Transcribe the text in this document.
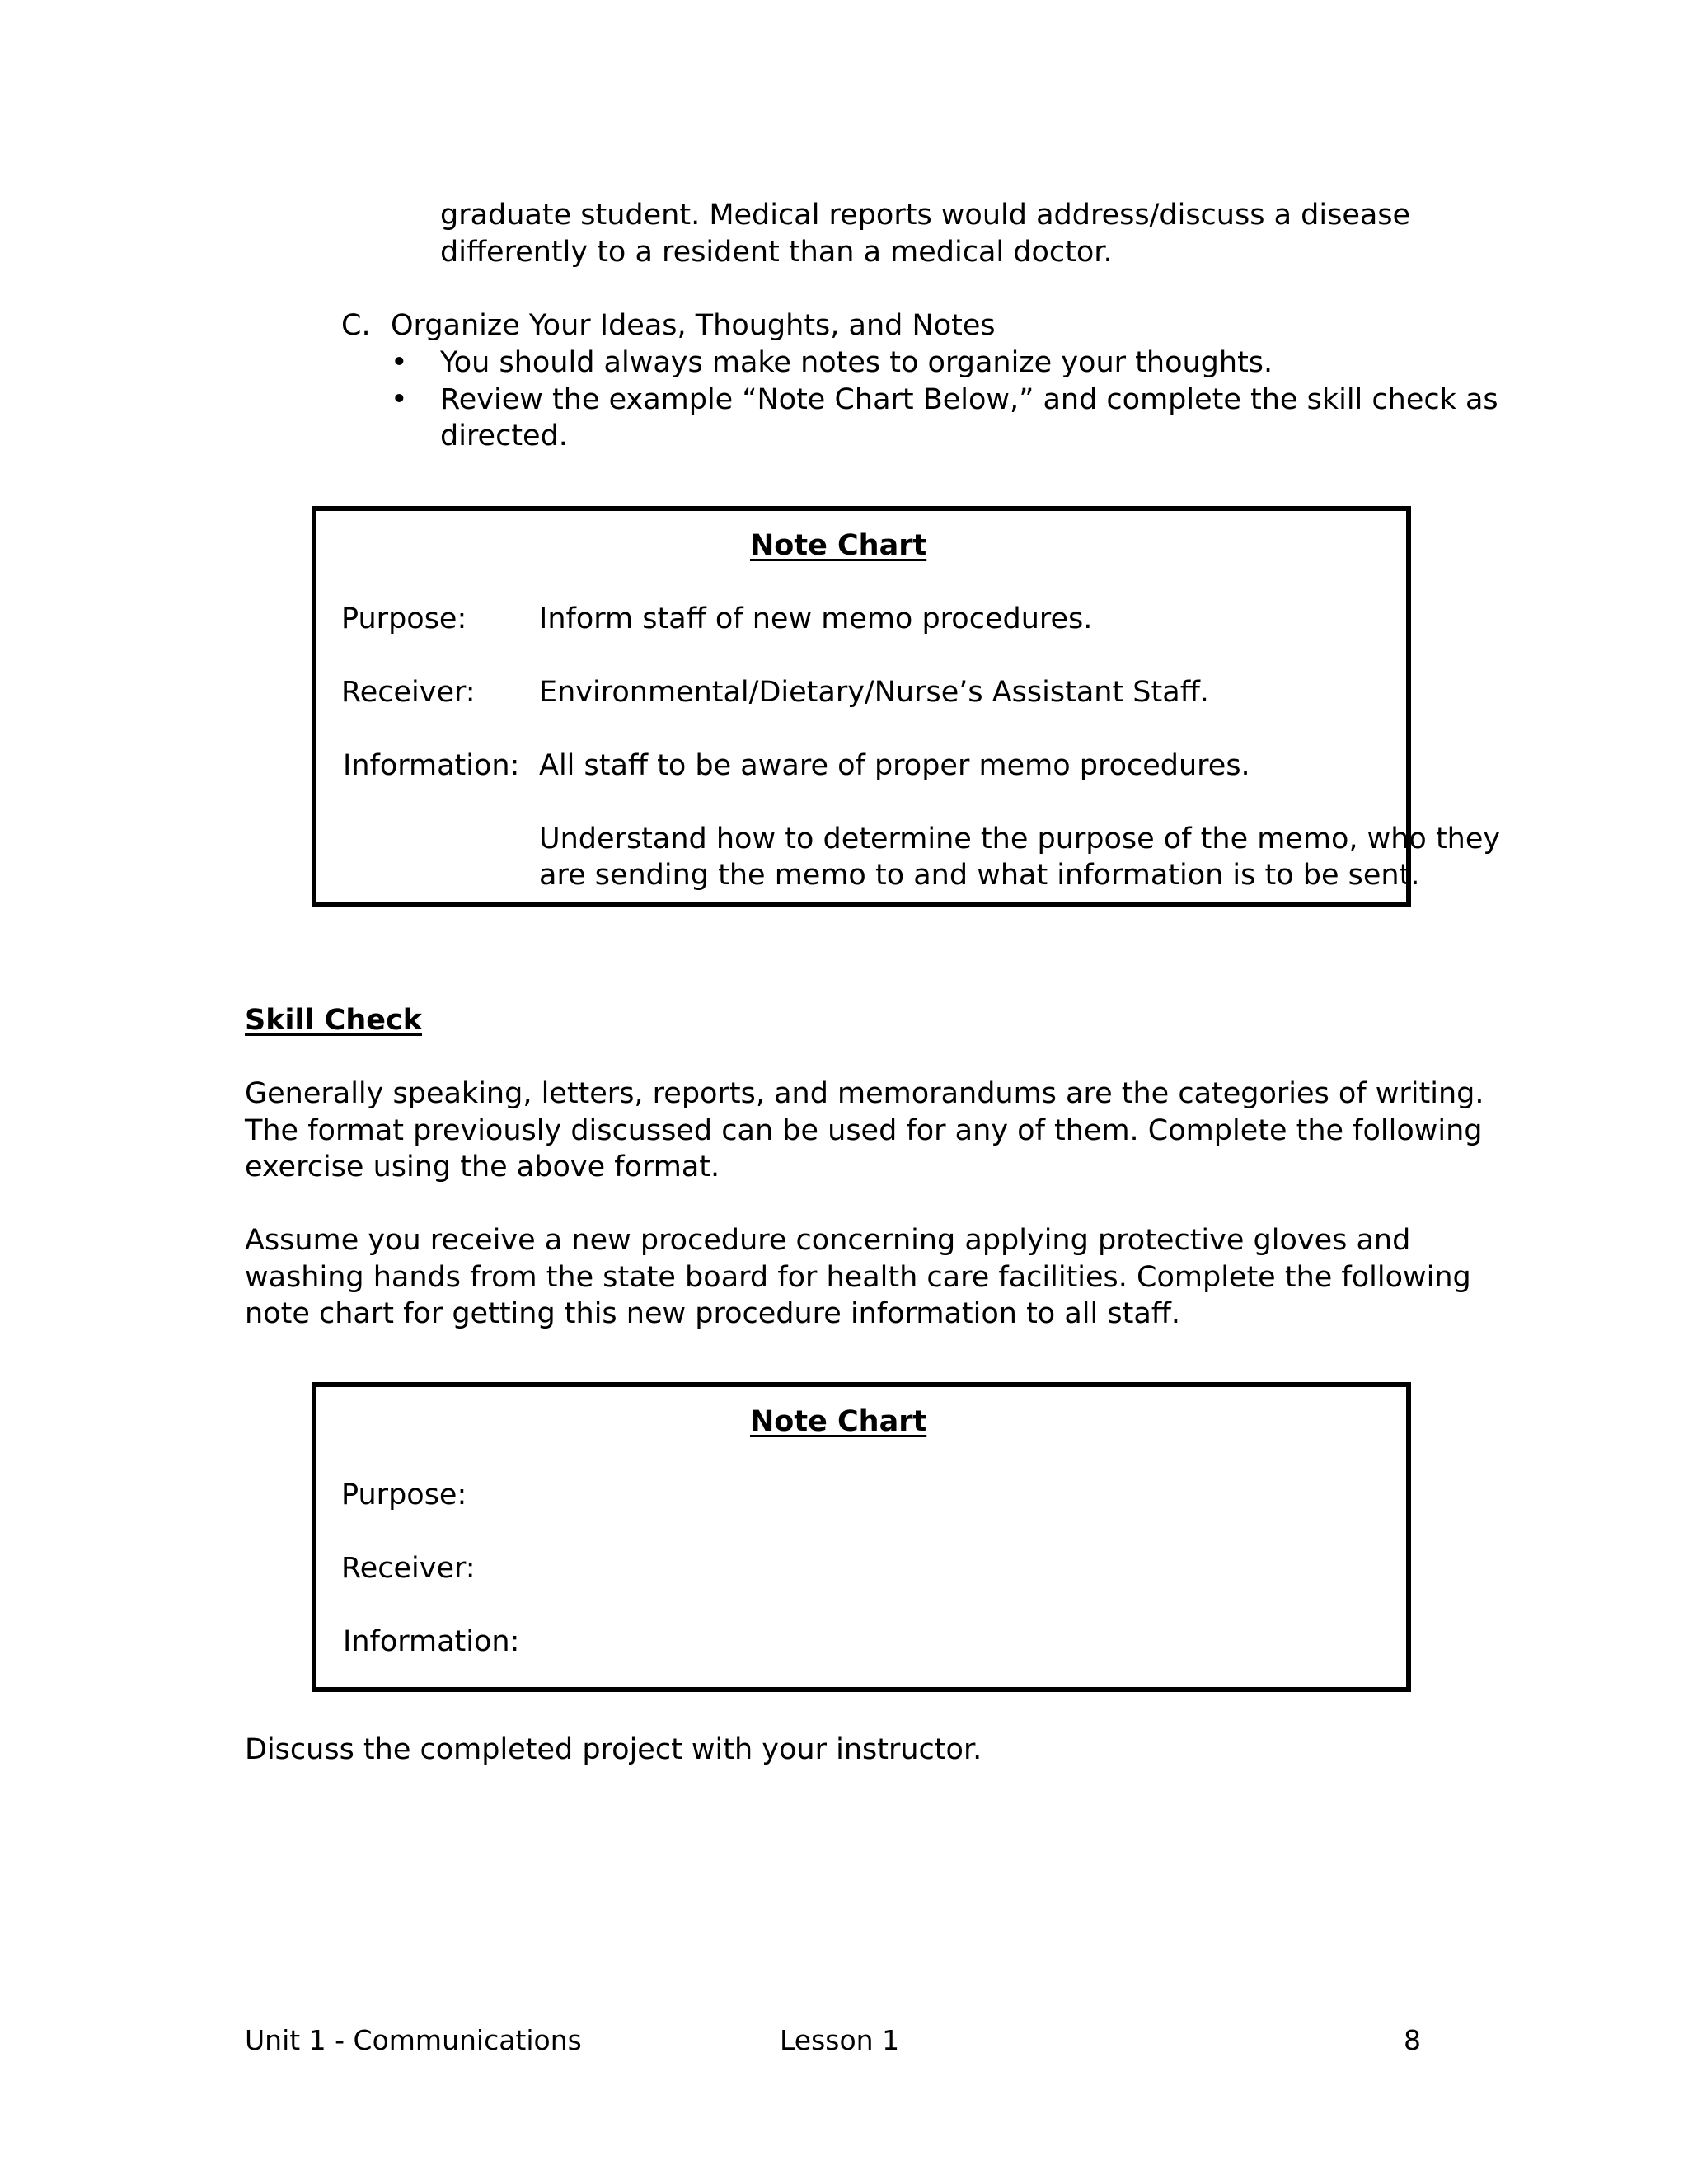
graduate student. Medical reports would address/discuss a disease
differently to a resident than a medical doctor.
C. Organize Your Ideas, Thoughts, and Notes
• You should always make notes to organize your thoughts.
• Review the example “Note Chart Below,” and complete the skill check as
directed.
Note Chart
Purpose:	Inform staff of new memo procedures.
Receiver: Environmental/Dietary/Nurse’s Assistant Staff.
Information: All staff to be aware of proper memo procedures.
Understand how to determine the purpose of the memo, who they
are sending the memo to and what information is to be sent.
Skill Check
Generally speaking, letters, reports, and memorandums are the categories of writing.
The format previously discussed can be used for any of them. Complete the following
exercise using the above format.
Assume you receive a new procedure concerning applying protective gloves and
washing hands from the state board for health care facilities. Complete the following
note chart for getting this new procedure information to all staff.
Note Chart
Purpose:
Receiver:
Information:
Discuss the completed project with your instructor.
Unit 1 - Communications	Lesson 1	8
